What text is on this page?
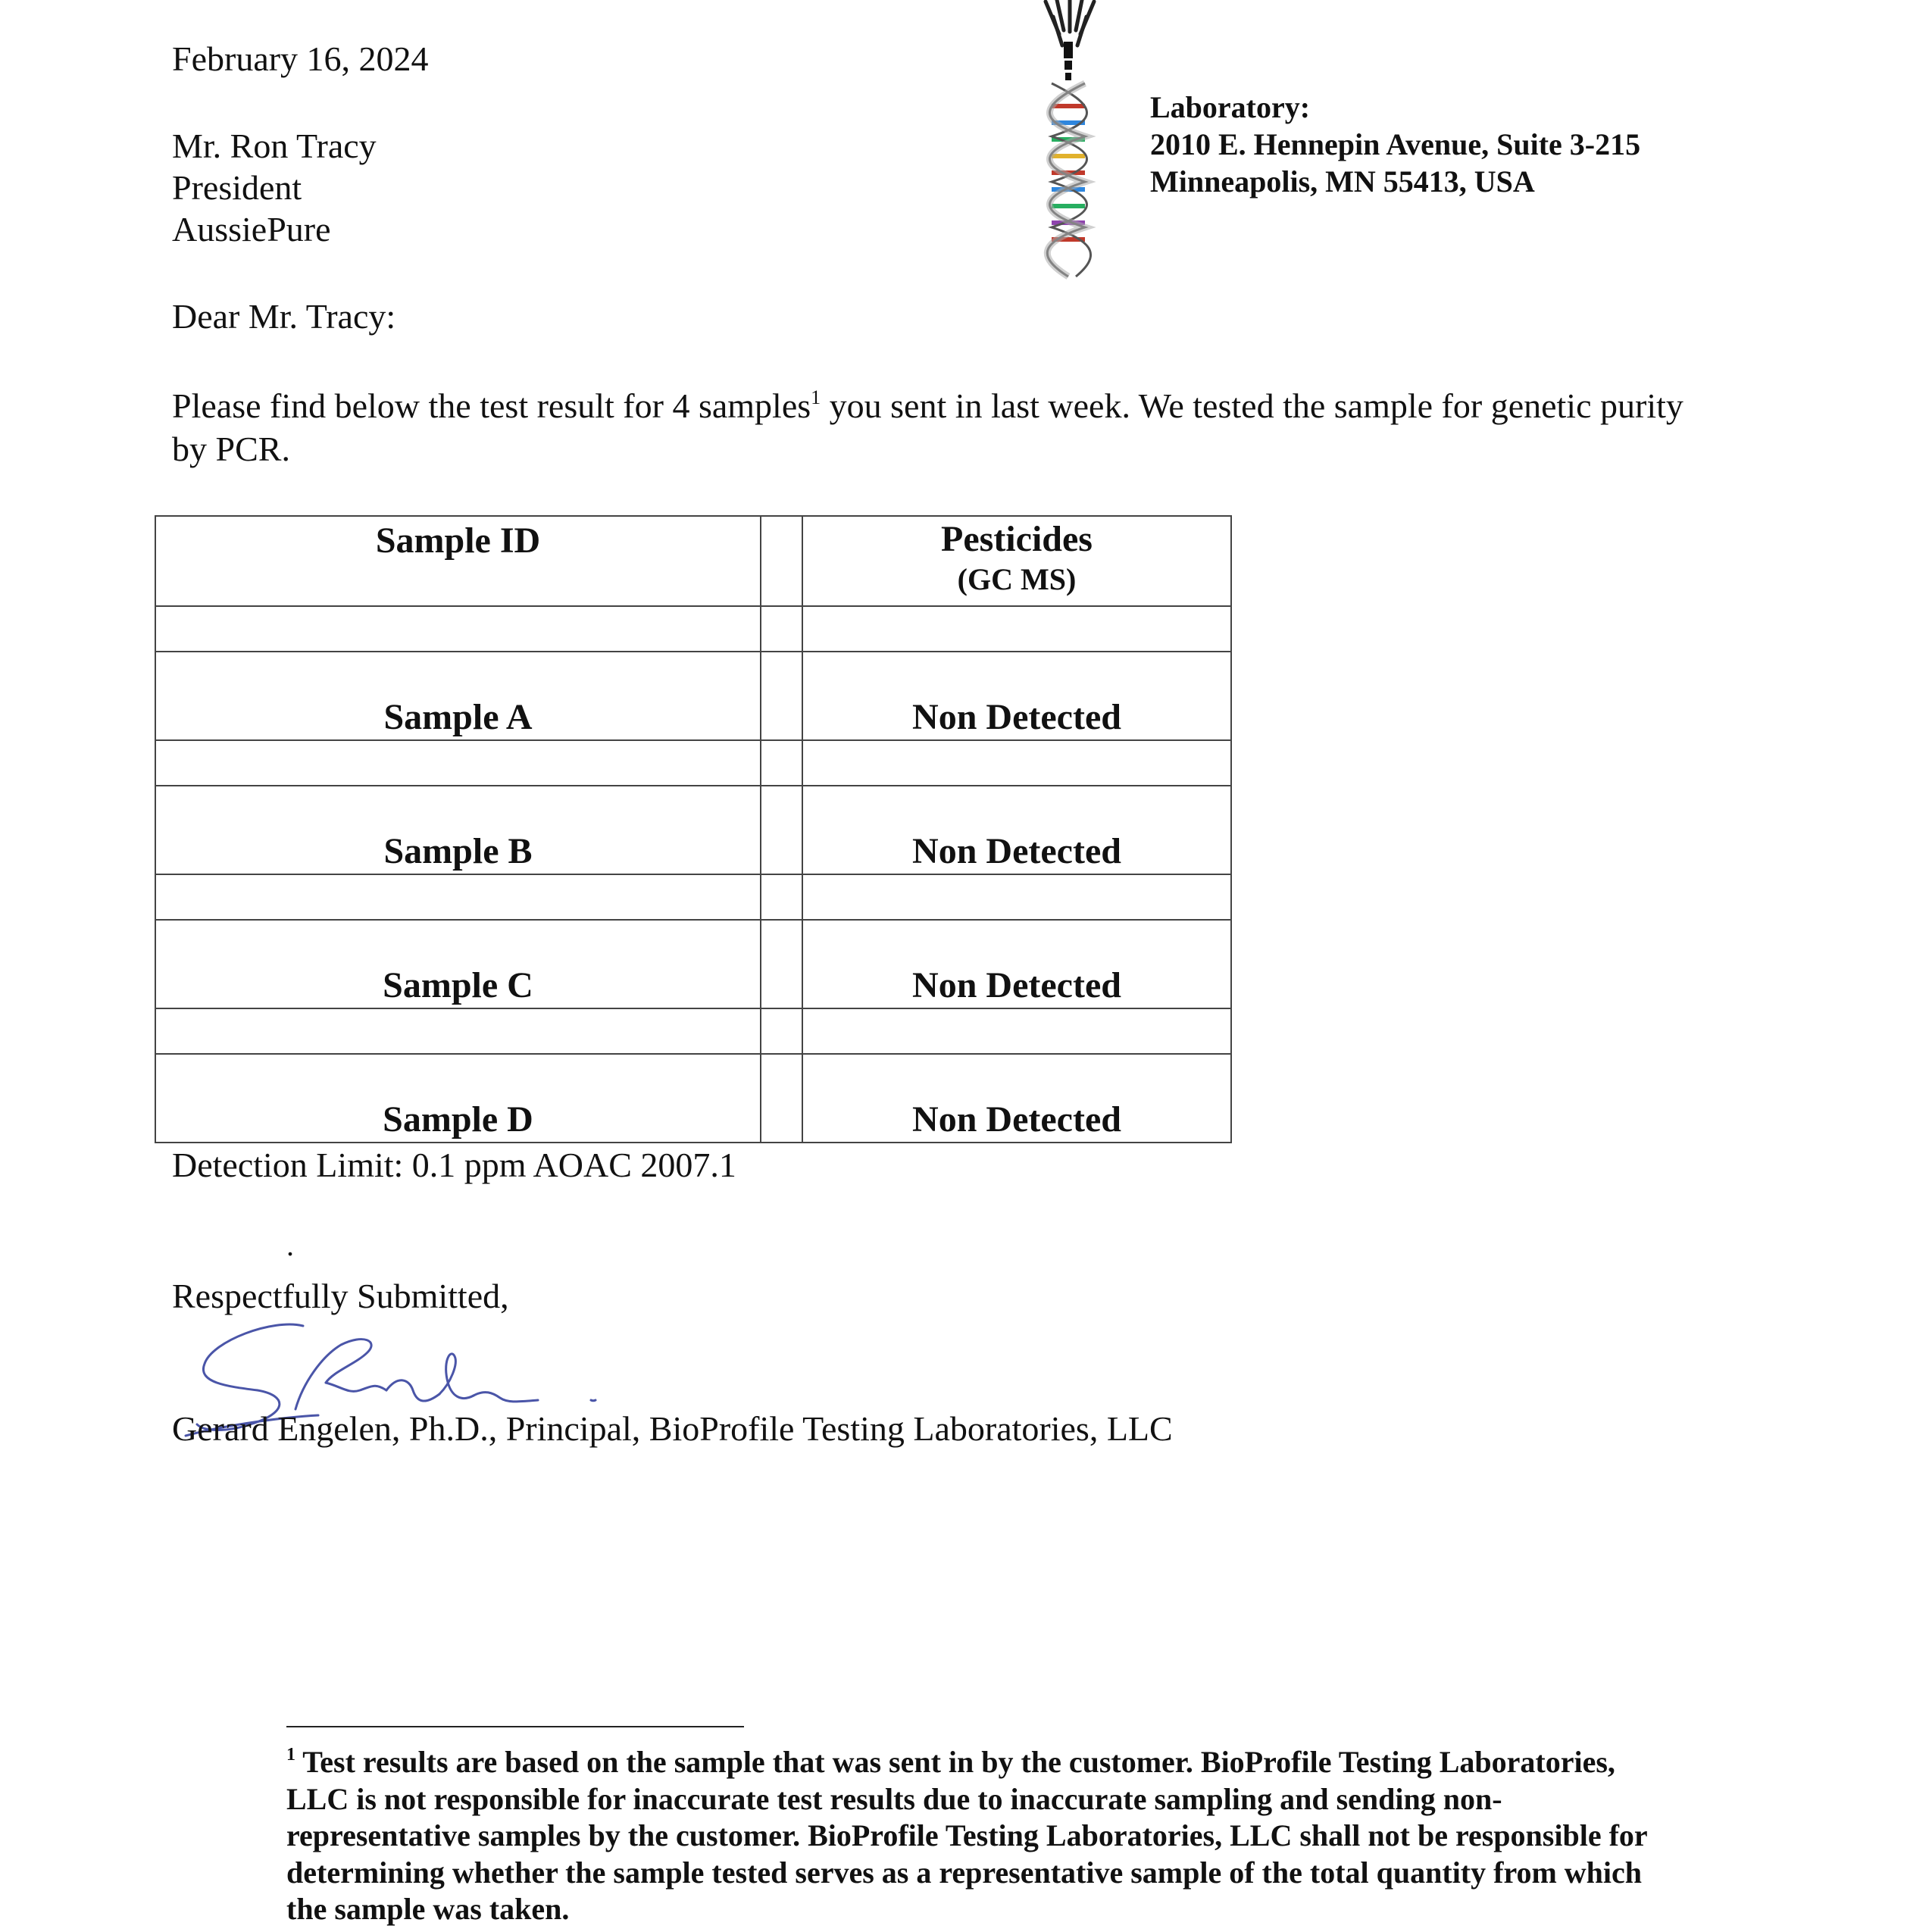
February 16, 2024
Mr. Ron Tracy
President
AussiePure
Laboratory:
2010 E. Hennepin Avenue, Suite 3-215
Minneapolis, MN 55413, USA
Dear Mr. Tracy:
Please find below the test result for 4 samples$^1$ you sent in last week. We tested the sample for genetic purity by PCR.
Sample ID		Pesticides
(GC MS)

Sample A		Non Detected

Sample B		Non Detected

Sample C		Non Detected

Sample D		Non Detected
Detection Limit: 0.1 ppm AOAC 2007.1
.
Respectfully Submitted,
Gerard Engelen, Ph.D., Principal, BioProfile Testing Laboratories, LLC
$^1$ Test results are based on the sample that was sent in by the customer. BioProfile Testing Laboratories, LLC is not responsible for inaccurate test results due to inaccurate sampling and sending non-representative samples by the customer. BioProfile Testing Laboratories, LLC shall not be responsible for determining whether the sample tested serves as a representative sample of the total quantity from which the sample was taken.
